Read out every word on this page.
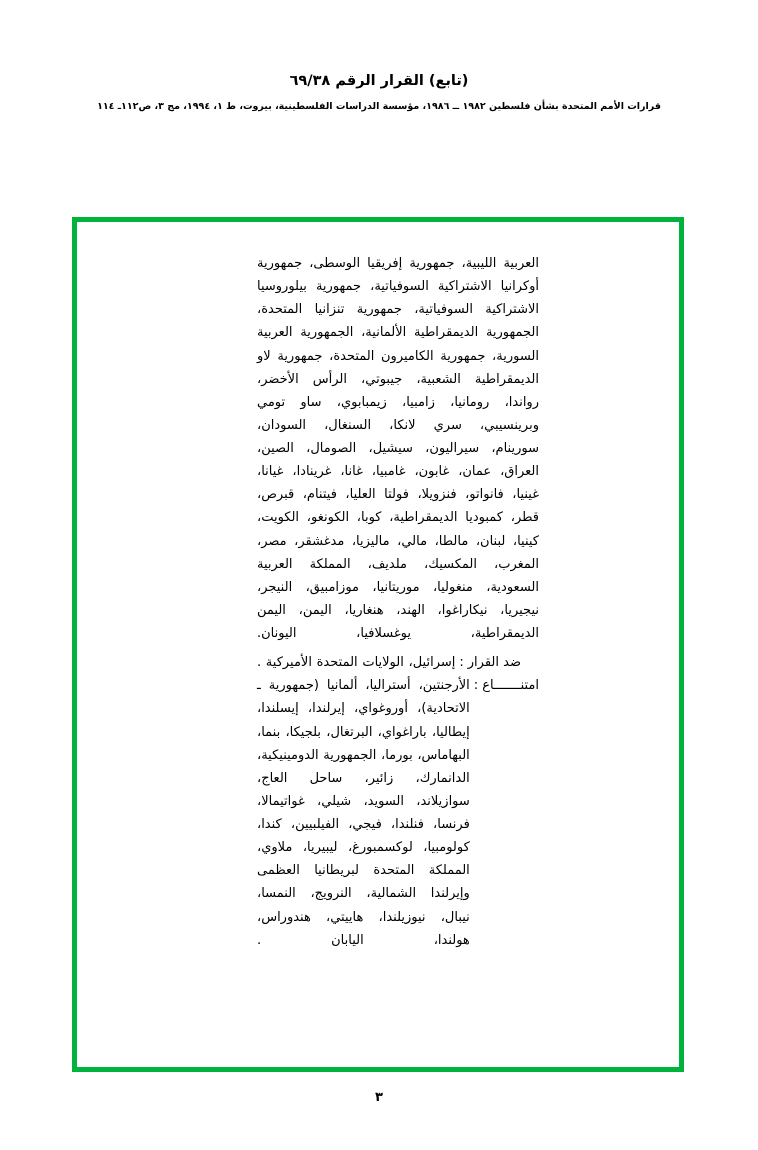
(تابع) القرار الرقم ٦٩/٣٨
قرارات الأمم المتحدة بشأن فلسطين ١٩٨٢ ــ ١٩٨٦، مؤسسة الدراسات الفلسطينية، بيروت، ط ١، ١٩٩٤، مج ٣، ص١١٢ـ ١١٤
العربية الليبية، جمهورية إفريقيا الوسطى، جمهورية أوكرانيا الاشتراكية السوفياتية، جمهورية بيلوروسيا الاشتراكية السوفياتية، جمهورية تنزانيا المتحدة، الجمهورية الديمقراطية الألمانية، الجمهورية العربية السورية، جمهورية الكاميرون المتحدة، جمهورية لاو الديمقراطية الشعبية، جيبوتي، الرأس الأخضر، رواندا، رومانيا، زامبيا، زيمبابوي، ساو تومي وبرينسيبي، سري لانكا، السنغال، السودان، سورينام، سيراليون، سيشيل، الصومال، الصين، العراق، عمان، غابون، غامبيا، غانا، غرينادا، غيانا، غينيا، فانواتو، فنزويلا، فولتا العليا، فيتنام، قبرص، قطر، كمبوديا الديمقراطية، كوبا، الكونغو، الكويت، كينيا، لبنان، مالطا، مالي، ماليزيا، مدغشقر، مصر، المغرب، المكسيك، ملديف، المملكة العربية السعودية، منغوليا، موريتانيا، موزامبيق، النيجر، نيجيريا، نيكاراغوا، الهند، هنغاريا، اليمن، اليمن الديمقراطية، يوغسلافيا، اليونان.
ضد القرار
:
إسرائيل، الولايات المتحدة الأميركية .
امتنـــــــاع
:
الأرجنتين، أستراليا، ألمانيا (جمهورية ـ الاتحادية)، أوروغواي، إيرلندا، إيسلندا، إيطاليا، باراغواي، البرتغال، بلجيكا، بنما، البهاماس، بورما، الجمهورية الدومينيكية، الدانمارك، زائير، ساحل العاج، سوازيلاند، السويد، شيلي، غواتيمالا، فرنسا، فنلندا، فيجي، الفيلبيين، كندا، كولومبيا، لوكسمبورغ، ليبيريا، ملاوي، المملكة المتحدة لبريطانيا العظمى وإيرلندا الشمالية، النرويج، النمسا، نيبال، نيوزيلندا، هاييتي، هندوراس، هولندا، اليابان .
٣
